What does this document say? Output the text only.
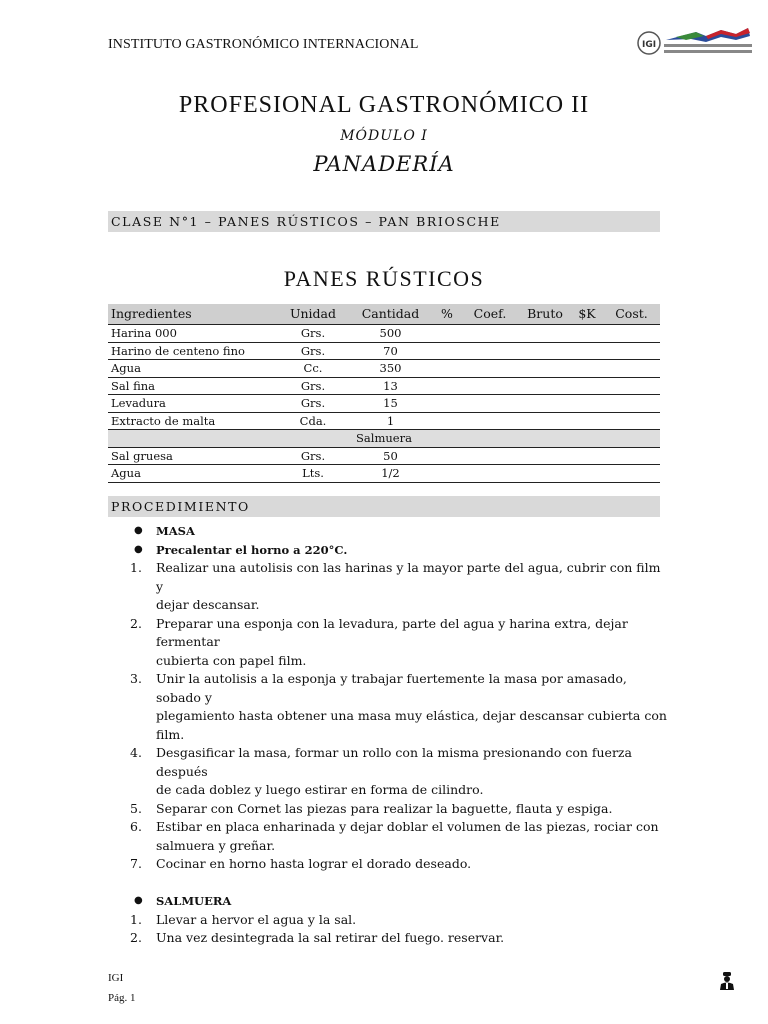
INSTITUTO GASTRONÓMICO INTERNACIONAL	IGI
PROFESIONAL GASTRONÓMICO II
MÓDULO I
PANADERÍA
CLASE N°1 – PANES RÚSTICOS – PAN BRIOSCHE
PANES RÚSTICOS
Ingredientes	Unidad	Cantidad	%	Coef.	Bruto	$K	Cost.
Harina 000	Grs.	500					
Harino de centeno fino	Grs.	70					
Agua	Cc.	350					
Sal fina	Grs.	13					
Levadura	Grs.	15					
Extracto de malta	Cda.	1					
Salmuera							
Sal gruesa	Grs.	50					
Agua	Lts.	1/2					
PROCEDIMIENTO
●	MASA
●	Precalentar el horno a 220°C.
1.	Realizar una autolisis con las harinas y la mayor parte del agua, cubrir con film y
dejar descansar.
2.	Preparar una esponja con la levadura, parte del agua y harina extra, dejar fermentar
cubierta con papel film.
3.	Unir la autolisis a la esponja y trabajar fuertemente la masa por amasado, sobado y
plegamiento hasta obtener una masa muy elástica, dejar descansar cubierta con film.
4.	Desgasificar la masa, formar un rollo con la misma presionando con fuerza después
de cada doblez y luego estirar en forma de cilindro.
5.	Separar con Cornet las piezas para realizar la baguette, flauta y espiga.
6.	Estibar en placa enharinada y dejar doblar el volumen de las piezas, rociar con
salmuera y greñar.
7.	Cocinar en horno hasta lograr el dorado deseado.
●	SALMUERA
1.	Llevar a hervor el agua y la sal.
2.	Una vez desintegrada la sal retirar del fuego. reservar.
IGI
Pág. 1
